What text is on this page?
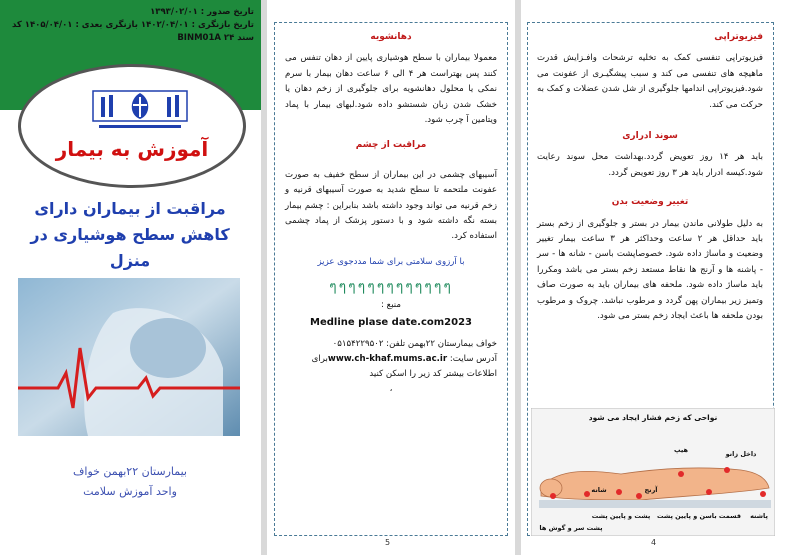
تاریخ صدور : ۱۳۹۳/۰۲/۰۱
تاریخ بازنگری : ۱۴۰۲/۰۴/۰۱ بازنگری بعدی : ۱۴۰۵/۰۴/۰۱ کد
سند ۲۴ BINM01A
آموزش به بیمار
مراقبت از بیماران دارای کاهش سطح هوشیاری در منزل
بیمارستان ۲۲بهمن خواف
واحد آموزش سلامت
دهانشویه

معمولا بیماران با سطح هوشیاری پایین از دهان تنفس می کنند پس بهتراست هر ۴ الی ۶ ساعت دهان بیمار با سرم نمکی یا محلول دهانشویه برای جلوگیری از زخم دهان یا خشک شدن زبان شستشو داده شود.لبهای بیمار با پماد ویتامین آ چرب شود.

مراقبت از چشم

آسیبهای چشمی در این بیماران از سطح خفیف به صورت عفونت ملتحمه تا سطح شدید به صورت آسیبهای قرنیه و زخم قرنیه می تواند وجود داشته باشد بنابراین : چشم بیمار بسته نگه داشته شود و با دستور پزشک از پماد چشمی استفاده کرد.

با آرزوی سلامتی برای شما مددجوی عزیز
ๆๆๆๆๆๆๆๆๆๆๆๆๆ
منبع :
Medline plase date.com2023
خواف بیمارستان ۲۲بهمن تلفن: ۰۵۱۵۴۲۲۹۵۰۲
آدرس سایت: www.ch-khaf.mums.ac.irبرای
اطلاعات بیشتر کد زیر را اسکن کنید
،
5
فیزیوتراپی

فیزیوتراپی تنفسی کمک به تخلیه ترشحات وافـزایش قدرت ماهیچه های تنفسی می کند و سبب پیشگیـری از عفونت می شود.فیزیوتراپی اندامها جلوگیری از شل شدن عضلات و کمک به حرکت می کند.

سوند ادراری

باید هر ۱۴ روز تعویض گردد.بهداشت محل سوند رعایت شود.کیسه ادرار باید هر ۳ روز تعویض گردد.

تغییر وضعیت بدن

به دلیل طولانی ماندن بیمار در بستر و جلوگیری از زخم بستر باید حداقل هر ۲ ساعت وحداکثر هر ۳ ساعت بیمار تغییر وضعیت و ماساژ داده شود. خصوصاپشت باسن - شانه ها - سر - پاشنه ها و آرنج ها نقاط مستعد زخم بستر می باشد ومکررا باید ماساژ داده شود. ملحفه های بیماران باید به صورت صاف وتمیز زیر بیماران پهن گردد و مرطوب نباشد. چروک و مرطوب بودن ملحفه ها باعث ایجاد زخم بستر می شود.

4
نواحی که زخم فشار ایجاد می شود
هیپ	داخل زانو
آرنج
شانه
پشت و پایین پشت قسمت باسن و پایین پشت پاشنه
پشت سر و گوش ها
